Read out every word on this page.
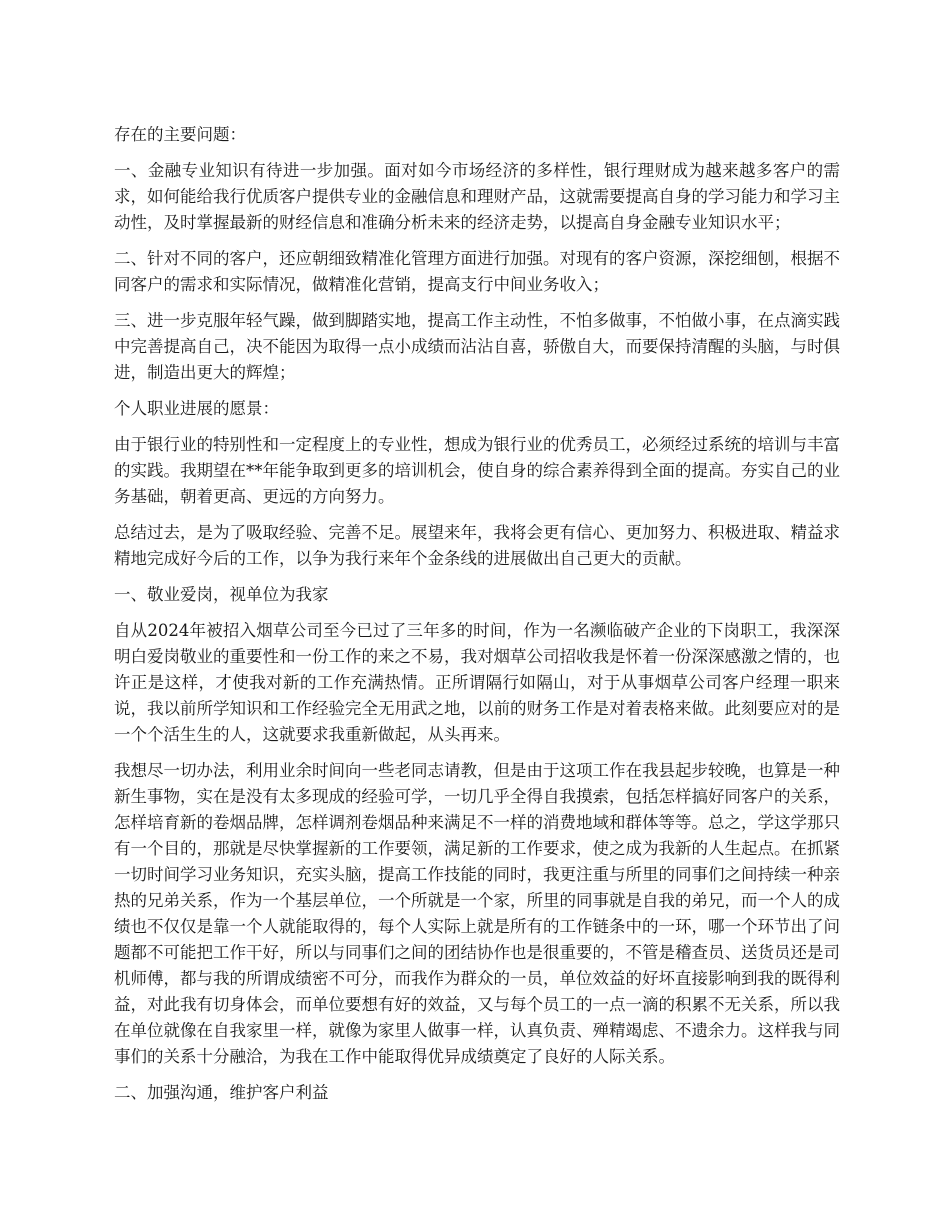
存在的主要问题：

一、金融专业知识有待进一步加强。面对如今市场经济的多样性，银行理财成为越来越多客户的需求，如何能给我行优质客户提供专业的金融信息和理财产品，这就需要提高自身的学习能力和学习主动性，及时掌握最新的财经信息和准确分析未来的经济走势，以提高自身金融专业知识水平；

二、针对不同的客户，还应朝细致精准化管理方面进行加强。对现有的客户资源，深挖细刨，根据不同客户的需求和实际情况，做精准化营销，提高支行中间业务收入；

三、进一步克服年轻气躁，做到脚踏实地，提高工作主动性，不怕多做事，不怕做小事，在点滴实践中完善提高自己，决不能因为取得一点小成绩而沾沾自喜，骄傲自大，而要保持清醒的头脑，与时俱进，制造出更大的辉煌；

个人职业进展的愿景：

由于银行业的特别性和一定程度上的专业性，想成为银行业的优秀员工，必须经过系统的培训与丰富的实践。我期望在**年能争取到更多的培训机会，使自身的综合素养得到全面的提高。夯实自己的业务基础，朝着更高、更远的方向努力。

总结过去，是为了吸取经验、完善不足。展望来年，我将会更有信心、更加努力、积极进取、精益求精地完成好今后的工作，以争为我行来年个金条线的进展做出自己更大的贡献。

一、敬业爱岗，视单位为我家

自从2024年被招入烟草公司至今已过了三年多的时间，作为一名濒临破产企业的下岗职工，我深深明白爱岗敬业的重要性和一份工作的来之不易，我对烟草公司招收我是怀着一份深深感激之情的，也许正是这样，才使我对新的工作充满热情。正所谓隔行如隔山，对于从事烟草公司客户经理一职来说，我以前所学知识和工作经验完全无用武之地，以前的财务工作是对着表格来做。此刻要应对的是一个个活生生的人，这就要求我重新做起，从头再来。

我想尽一切办法，利用业余时间向一些老同志请教，但是由于这项工作在我县起步较晚，也算是一种新生事物，实在是没有太多现成的经验可学，一切几乎全得自我摸索，包括怎样搞好同客户的关系，怎样培育新的卷烟品牌，怎样调剂卷烟品种来满足不一样的消费地域和群体等等。总之，学这学那只有一个目的，那就是尽快掌握新的工作要领，满足新的工作要求，使之成为我新的人生起点。在抓紧一切时间学习业务知识，充实头脑，提高工作技能的同时，我更注重与所里的同事们之间持续一种亲热的兄弟关系，作为一个基层单位，一个所就是一个家，所里的同事就是自我的弟兄，而一个人的成绩也不仅仅是靠一个人就能取得的，每个人实际上就是所有的工作链条中的一环，哪一个环节出了问题都不可能把工作干好，所以与同事们之间的团结协作也是很重要的，不管是稽查员、送货员还是司机师傅，都与我的所谓成绩密不可分，而我作为群众的一员，单位效益的好坏直接影响到我的既得利益，对此我有切身体会，而单位要想有好的效益，又与每个员工的一点一滴的积累不无关系，所以我在单位就像在自我家里一样，就像为家里人做事一样，认真负责、殚精竭虑、不遗余力。这样我与同事们的关系十分融洽，为我在工作中能取得优异成绩奠定了良好的人际关系。

二、加强沟通，维护客户利益
